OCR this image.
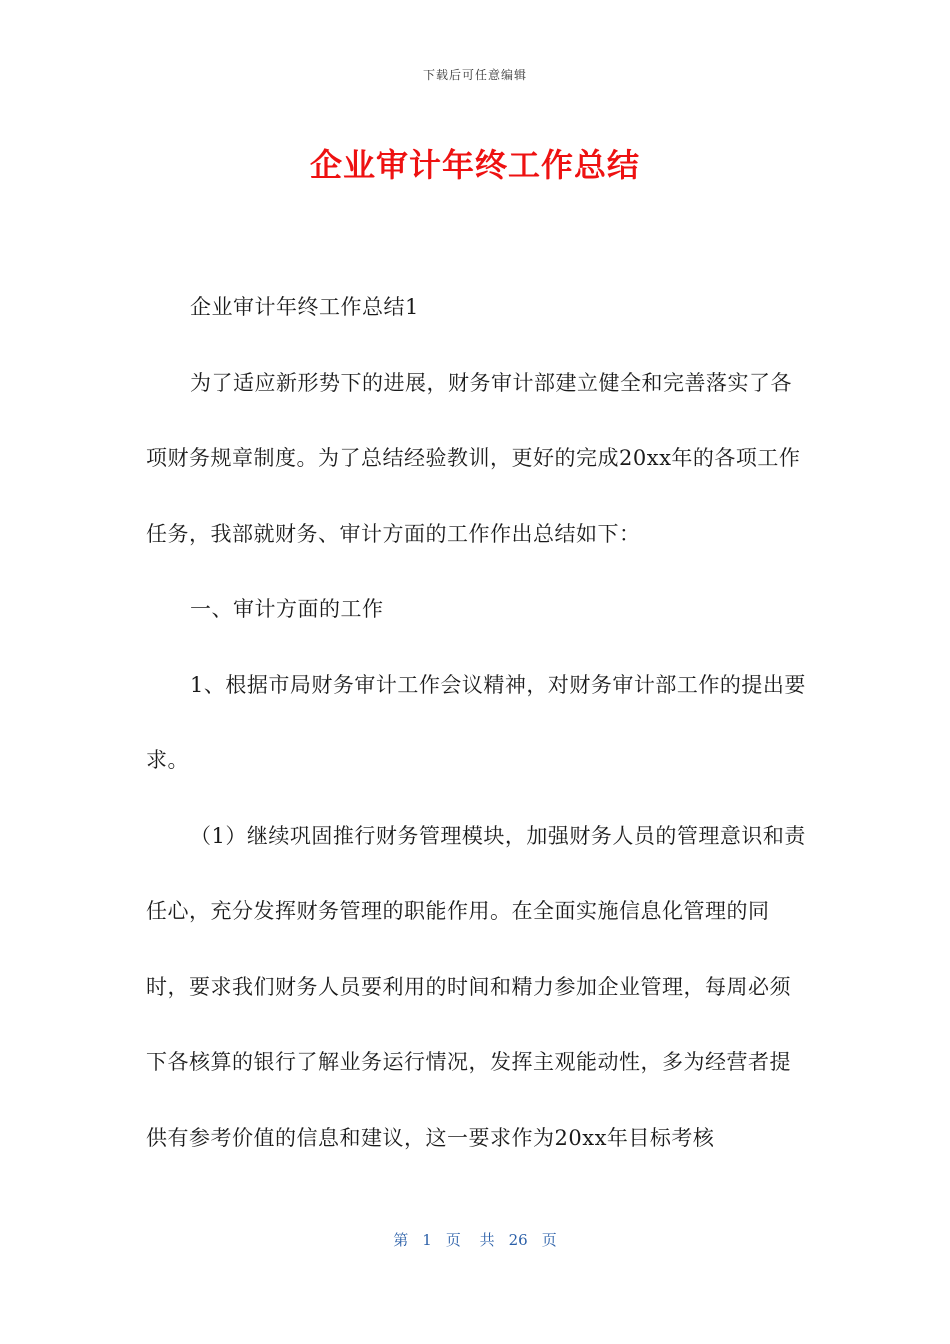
下载后可任意编辑
企业审计年终工作总结

企业审计年终工作总结1

为了适应新形势下的进展，财务审计部建立健全和完善落实了各项财务规章制度。为了总结经验教训，更好的完成20xx年的各项工作任务，我部就财务、审计方面的工作作出总结如下：

一、审计方面的工作

1、根据市局财务审计工作会议精神，对财务审计部工作的提出要求。

（1）继续巩固推行财务管理模块，加强财务人员的管理意识和责任心，充分发挥财务管理的职能作用。在全面实施信息化管理的同时，要求我们财务人员要利用的时间和精力参加企业管理，每周必须下各核算的银行了解业务运行情况，发挥主观能动性，多为经营者提供有参考价值的信息和建议，这一要求作为20xx年目标考核

第 1 页 共 26 页
